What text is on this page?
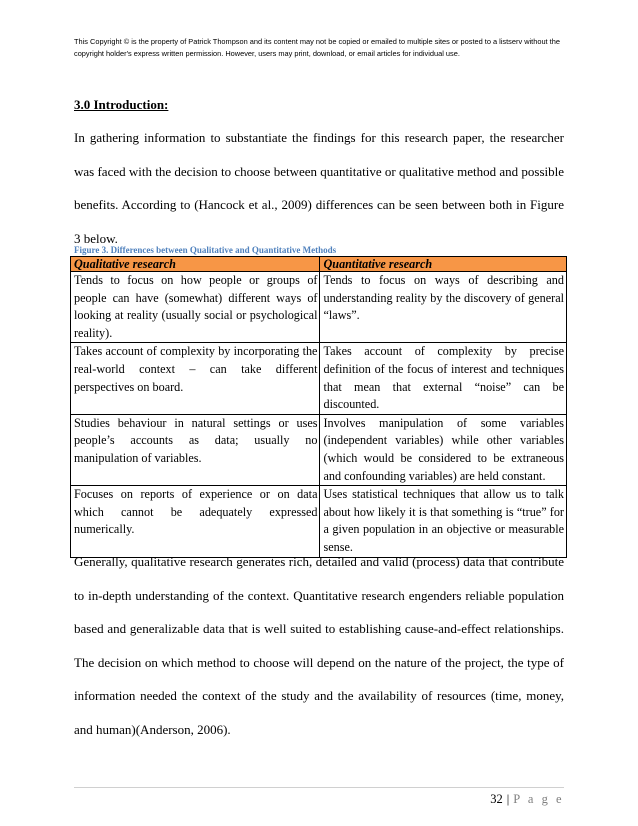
This Copyright © is the property of Patrick Thompson and its content may not be copied or emailed to multiple sites or posted to a listserv without the

copyright holder's express written permission. However, users may print, download, or email articles for individual use.

3.0 Introduction:

In gathering information to substantiate the findings for this research paper, the researcher was faced with the decision to choose between quantitative or qualitative method and possible benefits. According to (Hancock et al., 2009) differences can be seen between both in Figure 3 below.

Figure 3. Differences between Qualitative and Quantitative Methods

Qualitative research	Quantitative research
Tends to focus on how people or groups of people can have (somewhat) different ways of looking at reality (usually social or psychological reality).	Tends to focus on ways of describing and understanding reality by the discovery of general “laws”.
Takes account of complexity by incorporating the real-world context – can take different perspectives on board.	Takes account of complexity by precise definition of the focus of interest and techniques that mean that external “noise” can be discounted.
Studies behaviour in natural settings or uses people’s accounts as data; usually no manipulation of variables.	Involves manipulation of some variables (independent variables) while other variables (which would be considered to be extraneous and confounding variables) are held constant.
Focuses on reports of experience or on data which cannot be adequately expressed numerically.	Uses statistical techniques that allow us to talk about how likely it is that something is “true” for a given population in an objective or measurable sense.

Generally, qualitative research generates rich, detailed and valid (process) data that contribute to in-depth understanding of the context. Quantitative research engenders reliable population based and generalizable data that is well suited to establishing cause-and-effect relationships. The decision on which method to choose will depend on the nature of the project, the type of information needed the context of the study and the availability of resources (time, money, and human)(Anderson, 2006).

32 | P a g e
